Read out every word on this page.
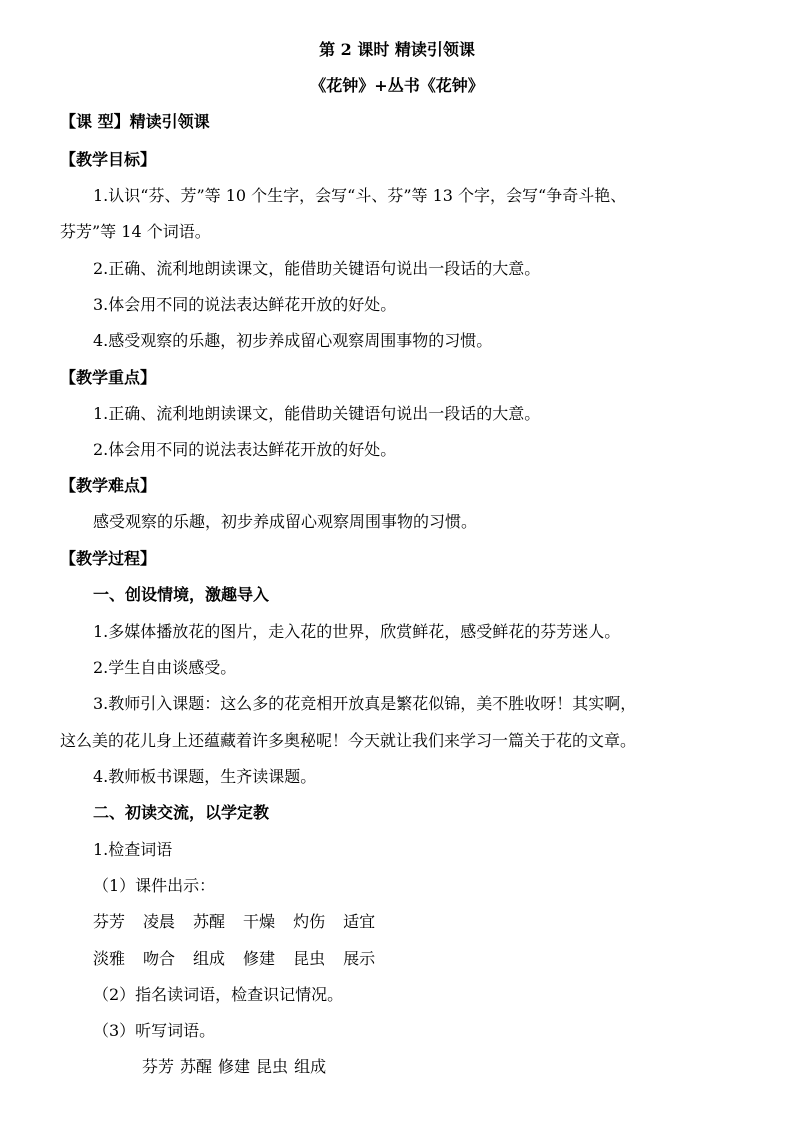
第 2 课时 精读引领课
《花钟》+丛书《花钟》
【课 型】精读引领课
【教学目标】
1.认识“芬、芳”等 10 个生字，会写“斗、芬”等 13 个字，会写“争奇斗艳、
芬芳”等 14 个词语。
2.正确、流利地朗读课文，能借助关键语句说出一段话的大意。
3.体会用不同的说法表达鲜花开放的好处。
4.感受观察的乐趣，初步养成留心观察周围事物的习惯。
【教学重点】
1.正确、流利地朗读课文，能借助关键语句说出一段话的大意。
2.体会用不同的说法表达鲜花开放的好处。
【教学难点】
感受观察的乐趣，初步养成留心观察周围事物的习惯。
【教学过程】
一、创设情境，激趣导入
1.多媒体播放花的图片，走入花的世界，欣赏鲜花，感受鲜花的芬芳迷人。
2.学生自由谈感受。
3.教师引入课题：这么多的花竞相开放真是繁花似锦，美不胜收呀！其实啊，
这么美的花儿身上还蕴藏着许多奥秘呢！今天就让我们来学习一篇关于花的文章。
4.教师板书课题，生齐读课题。
二、初读交流，以学定教
1.检查词语
（1）课件出示：
芬芳 凌晨 苏醒 干燥 灼伤 适宜
淡雅 吻合 组成 修建 昆虫 展示
（2）指名读词语，检查识记情况。
（3）听写词语。
芬芳 苏醒 修建 昆虫 组成
